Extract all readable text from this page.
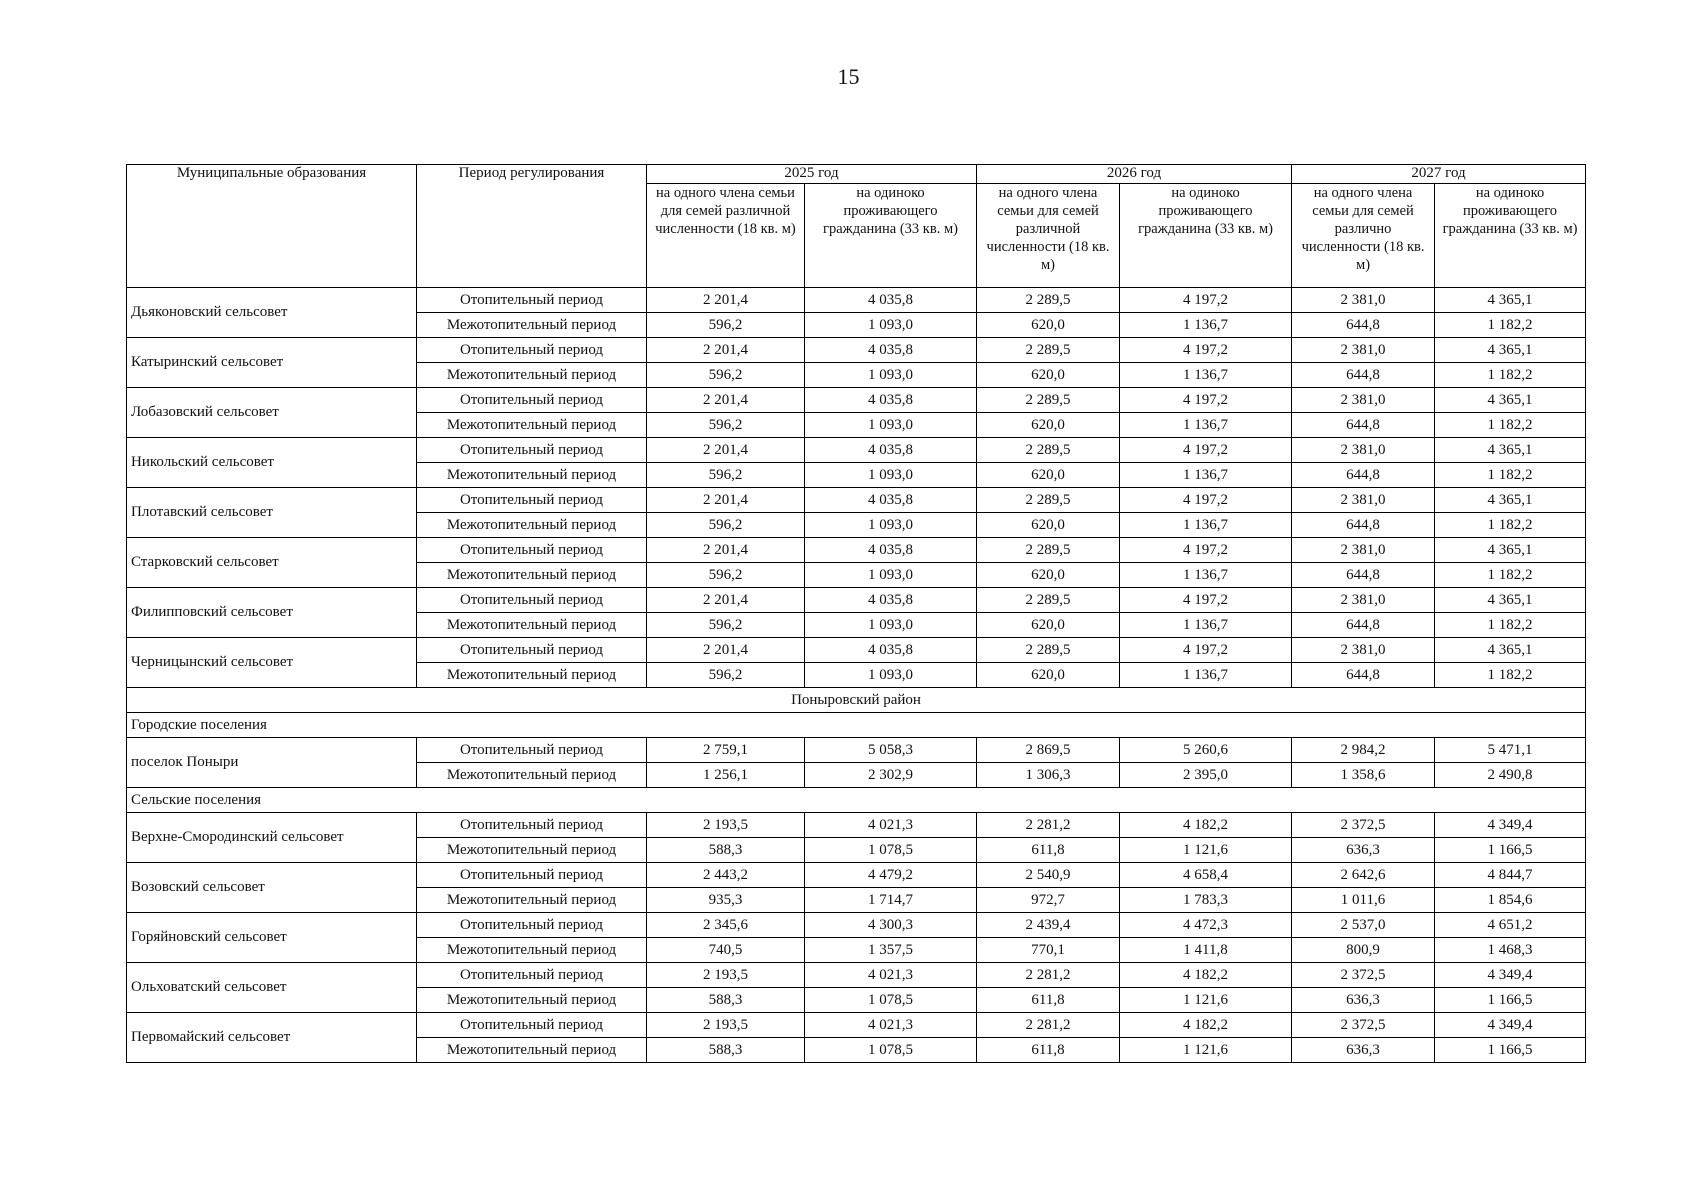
15
Муниципальные образования	Период регулирования	2025 год		2026 год		2027 год	
		на одного члена семьи для семей различной численности (18 кв. м)	на одиноко проживающего гражданина (33 кв. м)	на одного члена семьи для семей различной численности (18 кв. м)	на одиноко проживающего гражданина (33 кв. м)	на одного члена семьи для семей различно численности (18 кв. м)	на одиноко проживающего гражданина (33 кв. м)
Дьяконовский сельсовет	Отопительный период	2 201,4	4 035,8	2 289,5	4 197,2	2 381,0	4 365,1
	Межотопительный период	596,2	1 093,0	620,0	1 136,7	644,8	1 182,2
Катыринский сельсовет	Отопительный период	2 201,4	4 035,8	2 289,5	4 197,2	2 381,0	4 365,1
	Межотопительный период	596,2	1 093,0	620,0	1 136,7	644,8	1 182,2
Лобазовский сельсовет	Отопительный период	2 201,4	4 035,8	2 289,5	4 197,2	2 381,0	4 365,1
	Межотопительный период	596,2	1 093,0	620,0	1 136,7	644,8	1 182,2
Никольский сельсовет	Отопительный период	2 201,4	4 035,8	2 289,5	4 197,2	2 381,0	4 365,1
	Межотопительный период	596,2	1 093,0	620,0	1 136,7	644,8	1 182,2
Плотавский сельсовет	Отопительный период	2 201,4	4 035,8	2 289,5	4 197,2	2 381,0	4 365,1
	Межотопительный период	596,2	1 093,0	620,0	1 136,7	644,8	1 182,2
Старковский сельсовет	Отопительный период	2 201,4	4 035,8	2 289,5	4 197,2	2 381,0	4 365,1
	Межотопительный период	596,2	1 093,0	620,0	1 136,7	644,8	1 182,2
Филипповский сельсовет	Отопительный период	2 201,4	4 035,8	2 289,5	4 197,2	2 381,0	4 365,1
	Межотопительный период	596,2	1 093,0	620,0	1 136,7	644,8	1 182,2
Черницынский сельсовет	Отопительный период	2 201,4	4 035,8	2 289,5	4 197,2	2 381,0	4 365,1
	Межотопительный период	596,2	1 093,0	620,0	1 136,7	644,8	1 182,2
Поныровский район							
Городские поселения							
поселок Поныри	Отопительный период	2 759,1	5 058,3	2 869,5	5 260,6	2 984,2	5 471,1
	Межотопительный период	1 256,1	2 302,9	1 306,3	2 395,0	1 358,6	2 490,8
Сельские поселения							
Верхне-Смородинский сельсовет	Отопительный период	2 193,5	4 021,3	2 281,2	4 182,2	2 372,5	4 349,4
	Межотопительный период	588,3	1 078,5	611,8	1 121,6	636,3	1 166,5
Возовский сельсовет	Отопительный период	2 443,2	4 479,2	2 540,9	4 658,4	2 642,6	4 844,7
	Межотопительный период	935,3	1 714,7	972,7	1 783,3	1 011,6	1 854,6
Горяйновский сельсовет	Отопительный период	2 345,6	4 300,3	2 439,4	4 472,3	2 537,0	4 651,2
	Межотопительный период	740,5	1 357,5	770,1	1 411,8	800,9	1 468,3
Ольховатский сельсовет	Отопительный период	2 193,5	4 021,3	2 281,2	4 182,2	2 372,5	4 349,4
	Межотопительный период	588,3	1 078,5	611,8	1 121,6	636,3	1 166,5
Первомайский сельсовет	Отопительный период	2 193,5	4 021,3	2 281,2	4 182,2	2 372,5	4 349,4
	Межотопительный период	588,3	1 078,5	611,8	1 121,6	636,3	1 166,5
